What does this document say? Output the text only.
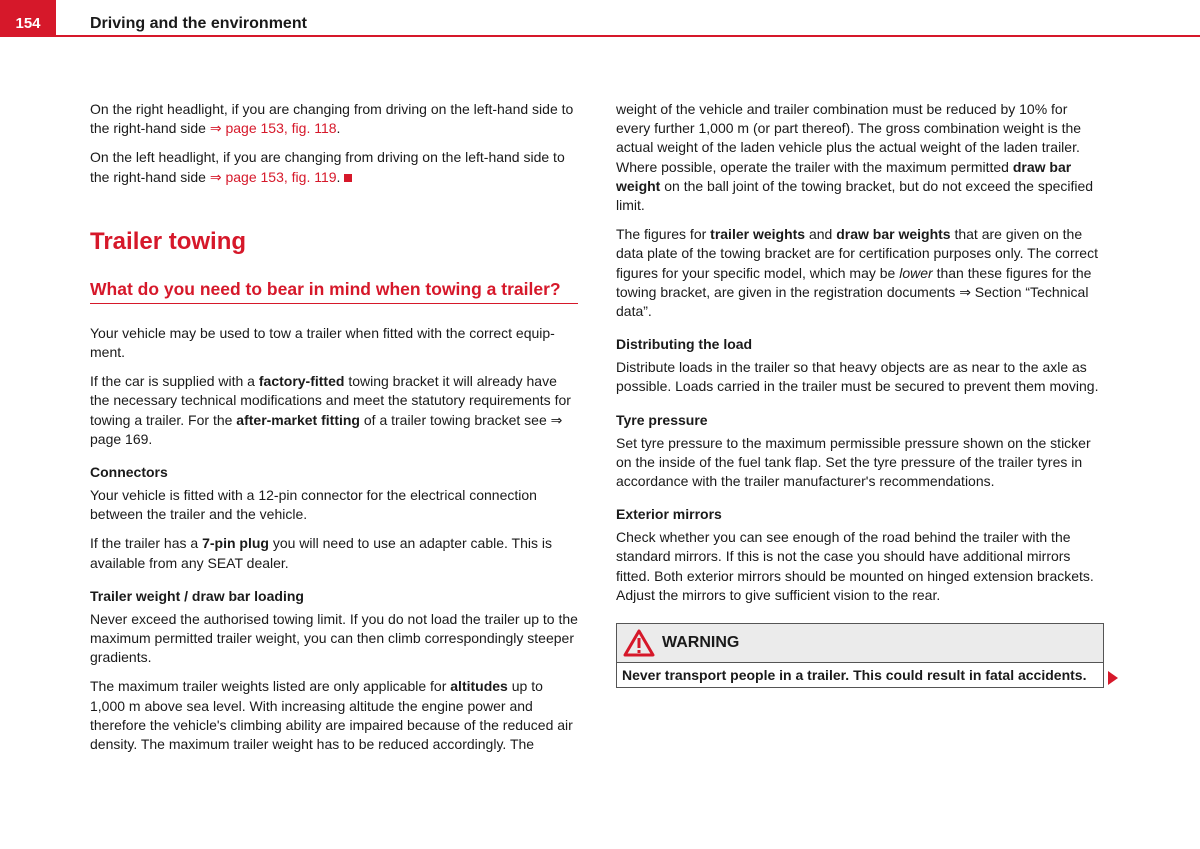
154	Driving and the environment

On the right headlight, if you are changing from driving on the left-hand side to the right-hand side ⇒ page 153, fig. 118.

On the left headlight, if you are changing from driving on the left-hand side to the right-hand side ⇒ page 153, fig. 119.

Trailer towing
What do you need to bear in mind when towing a trailer?

Your vehicle may be used to tow a trailer when fitted with the correct equip-ment.

If the car is supplied with a factory-fitted towing bracket it will already have the necessary technical modifications and meet the statutory requirements for towing a trailer. For the after-market fitting of a trailer towing bracket see ⇒ page 169.

Connectors

Your vehicle is fitted with a 12-pin connector for the electrical connection between the trailer and the vehicle.

If the trailer has a 7-pin plug you will need to use an adapter cable. This is available from any SEAT dealer.

Trailer weight / draw bar loading

Never exceed the authorised towing limit. If you do not load the trailer up to the maximum permitted trailer weight, you can then climb correspondingly steeper gradients.

The maximum trailer weights listed are only applicable for altitudes up to 1,000 m above sea level. With increasing altitude the engine power and therefore the vehicle's climbing ability are impaired because of the reduced air density. The maximum trailer weight has to be reduced accordingly. The

weight of the vehicle and trailer combination must be reduced by 10% for every further 1,000 m (or part thereof). The gross combination weight is the actual weight of the laden vehicle plus the actual weight of the laden trailer. Where possible, operate the trailer with the maximum permitted draw bar weight on the ball joint of the towing bracket, but do not exceed the specified limit.

The figures for trailer weights and draw bar weights that are given on the data plate of the towing bracket are for certification purposes only. The correct figures for your specific model, which may be lower than these figures for the towing bracket, are given in the registration documents ⇒ Section “Technical data”.

Distributing the load

Distribute loads in the trailer so that heavy objects are as near to the axle as possible. Loads carried in the trailer must be secured to prevent them moving.

Tyre pressure

Set tyre pressure to the maximum permissible pressure shown on the sticker on the inside of the fuel tank flap. Set the tyre pressure of the trailer tyres in accordance with the trailer manufacturer's recommendations.

Exterior mirrors

Check whether you can see enough of the road behind the trailer with the standard mirrors. If this is not the case you should have additional mirrors fitted. Both exterior mirrors should be mounted on hinged extension brackets. Adjust the mirrors to give sufficient vision to the rear.

WARNING
Never transport people in a trailer. This could result in fatal accidents.
